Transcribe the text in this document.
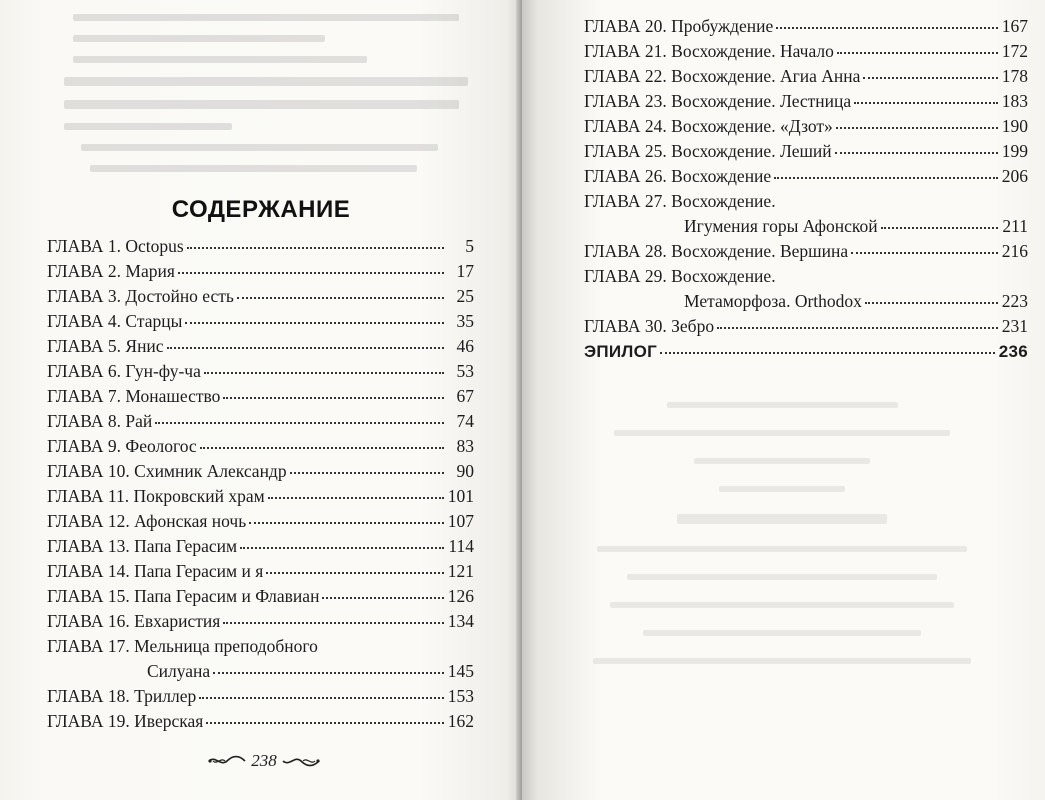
СОДЕРЖАНИЕ
ГЛАВА 1. Octopus	5
ГЛАВА 2. Мария	17
ГЛАВА 3. Достойно есть	25
ГЛАВА 4. Старцы	35
ГЛАВА 5. Янис	46
ГЛАВА 6. Гун-фу-ча	53
ГЛАВА 7. Монашество	67
ГЛАВА 8. Рай	74
ГЛАВА 9. Феологос	83
ГЛАВА 10. Схимник Александр	90
ГЛАВА 11. Покровский храм	101
ГЛАВА 12. Афонская ночь	107
ГЛАВА 13. Папа Герасим	114
ГЛАВА 14. Папа Герасим и я	121
ГЛАВА 15. Папа Герасим и Флавиан	126
ГЛАВА 16. Евхаристия	134
ГЛАВА 17. Мельница преподобного
Силуана	145
ГЛАВА 18. Триллер	153
ГЛАВА 19. Иверская	162
238
ГЛАВА 20. Пробуждение	167
ГЛАВА 21. Восхождение. Начало	172
ГЛАВА 22. Восхождение. Агиа Анна	178
ГЛАВА 23. Восхождение. Лестница	183
ГЛАВА 24. Восхождение. «Дзот»	190
ГЛАВА 25. Восхождение. Леший	199
ГЛАВА 26. Восхождение	206
ГЛАВА 27. Восхождение.
Игумения горы Афонской	211
ГЛАВА 28. Восхождение. Вершина	216
ГЛАВА 29. Восхождение.
Метаморфоза. Orthodox	223
ГЛАВА 30. Зебро	231
ЭПИЛОГ	236
